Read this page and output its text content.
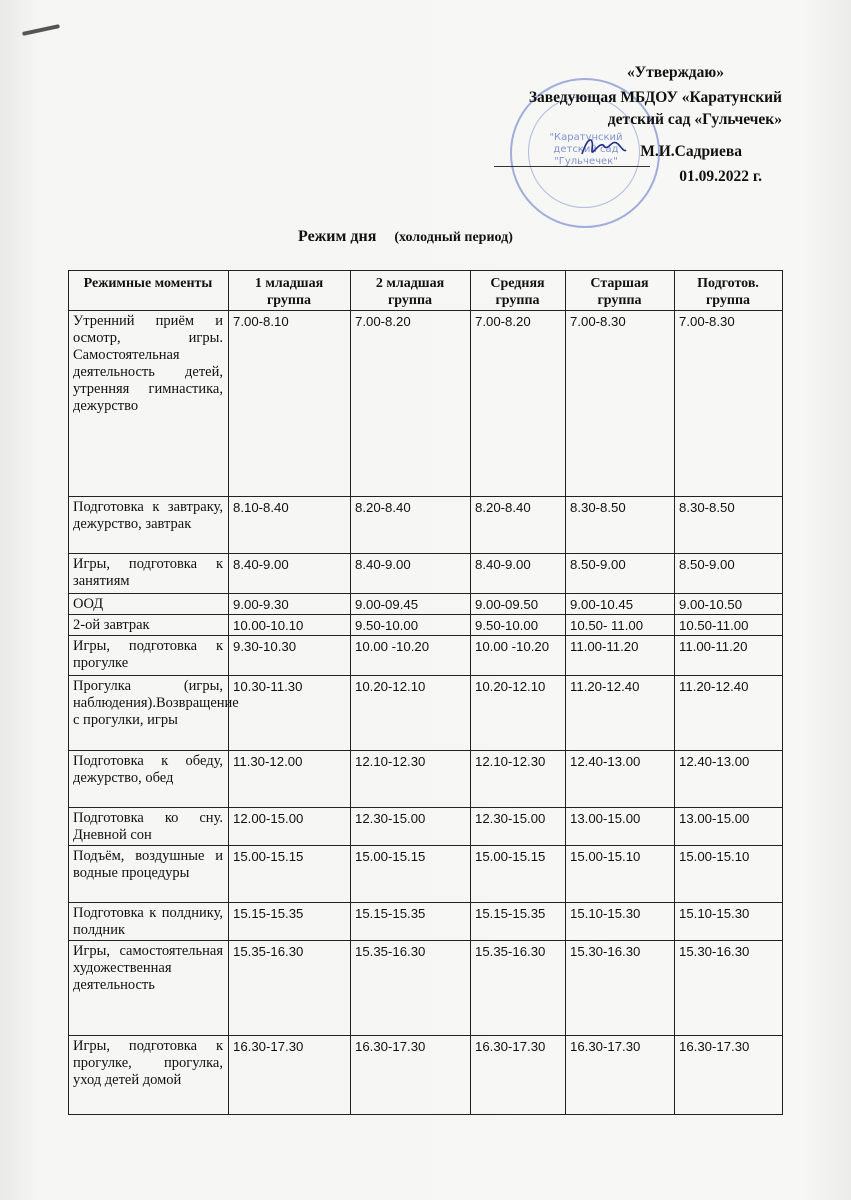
"Каратунский
детский сад
"Гульчечек"
«Утверждаю»
Заведующая МБДОУ «Каратунский
детский сад «Гульчечек»
М.И.Садриева
01.09.2022 г.
Режим дня (холодный период)
Режимные моменты	1 младшая группа	2 младшая группа	Средняя группа	Старшая группа	Подготов. группа
Утренний приём и осмотр, игры. Самостоятельная деятельность детей, утренняя гимнастика, дежурство	7.00-8.10	7.00-8.20	7.00-8.20	7.00-8.30	7.00-8.30
Подготовка к завтраку, дежурство, завтрак	8.10-8.40	8.20-8.40	8.20-8.40	8.30-8.50	8.30-8.50
Игры, подготовка к занятиям	8.40-9.00	8.40-9.00	8.40-9.00	8.50-9.00	8.50-9.00
ООД	9.00-9.30	9.00-09.45	9.00-09.50	9.00-10.45	9.00-10.50
2-ой завтрак	10.00-10.10	9.50-10.00	9.50-10.00	10.50- 11.00	10.50-11.00
Игры, подготовка к прогулке	9.30-10.30	10.00 -10.20	10.00 -10.20	11.00-11.20	11.00-11.20
Прогулка (игры, наблюдения).Возвращение с прогулки, игры	10.30-11.30	10.20-12.10	10.20-12.10	11.20-12.40	11.20-12.40
Подготовка к обеду, дежурство, обед	11.30-12.00	12.10-12.30	12.10-12.30	12.40-13.00	12.40-13.00
Подготовка ко сну. Дневной сон	12.00-15.00	12.30-15.00	12.30-15.00	13.00-15.00	13.00-15.00
Подъём, воздушные и водные процедуры	15.00-15.15	15.00-15.15	15.00-15.15	15.00-15.10	15.00-15.10
Подготовка к полднику, полдник	15.15-15.35	15.15-15.35	15.15-15.35	15.10-15.30	15.10-15.30
Игры, самостоятельная художественная деятельность	15.35-16.30	15.35-16.30	15.35-16.30	15.30-16.30	15.30-16.30
Игры, подготовка к прогулке, прогулка, уход детей домой	16.30-17.30	16.30-17.30	16.30-17.30	16.30-17.30	16.30-17.30
